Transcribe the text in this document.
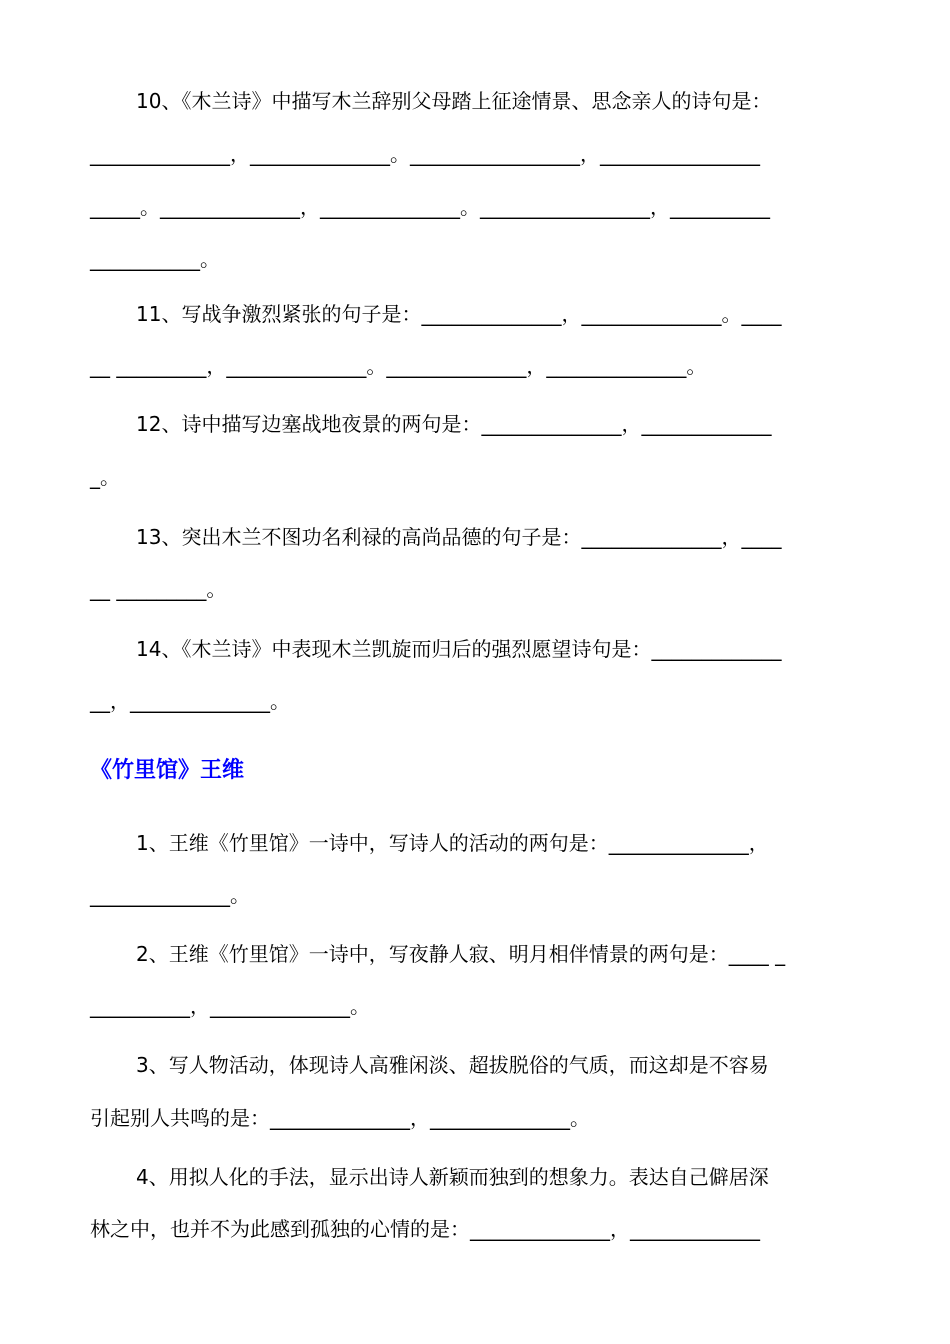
10、《木兰诗》中描写木兰辞别父母踏上征途情景、思念亲人的诗句是：
______________，______________。_________________，________________
_____。______________，______________。_________________，__________
___________。
11、写战争激烈紧张的句子是：______________，______________。____
__ _________，______________。______________，______________。
12、诗中描写边塞战地夜景的两句是：______________，_____________
_。
13、突出木兰不图功名利禄的高尚品德的句子是：______________，____
__ _________。
14、《木兰诗》中表现木兰凯旋而归后的强烈愿望诗句是：_____________
__，______________。
《竹里馆》王维
1、王维《竹里馆》一诗中，写诗人的活动的两句是：______________，
______________。
2、王维《竹里馆》一诗中，写夜静人寂、明月相伴情景的两句是：____ _
__________，______________。
3、写人物活动，体现诗人高雅闲淡、超拔脱俗的气质，而这却是不容易
引起别人共鸣的是：______________，______________。
4、用拟人化的手法，显示出诗人新颖而独到的想象力。表达自己僻居深
林之中，也并不为此感到孤独的心情的是：______________，_____________
